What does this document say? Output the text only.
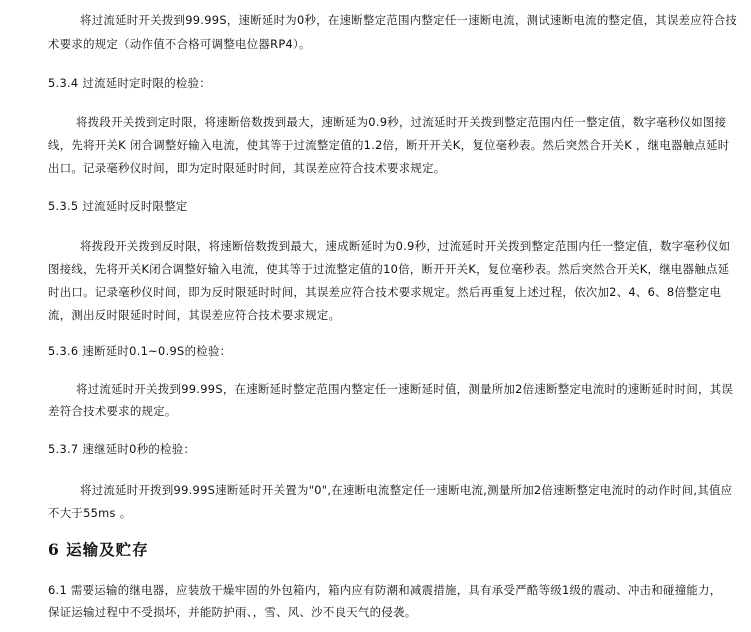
将过流延时开关拨到99.99S，速断延时为0秒，在速断整定范围内整定任一速断电流，测试速断电流的整定值，其误差应符合技
术要求的规定（动作值不合格可调整电位器RP4）。
5.3.4 过流延时定时限的检验：
将拨段开关拨到定时限，将速断倍数拨到最大，速断延为0.9秒，过流延时开关拨到整定范围内任一整定值，数字毫秒仪如图接
线，先将开关K 闭合调整好输入电流，使其等于过流整定值的1.2倍，断开开关K，复位毫秒表。然后突然合开关K ，继电器触点延时
出口。记录毫秒仪时间，即为定时限延时时间，其误差应符合技术要求规定。
5.3.5 过流延时反时限整定
将拨段开关拨到反时限，将速断倍数拨到最大，速成断延时为0.9秒，过流延时开关拨到整定范围内任一整定值，数字毫秒仪如
图接线，先将开关K闭合调整好输入电流，使其等于过流整定值的10倍，断开开关K，复位毫秒表。然后突然合开关K，继电器触点延
时出口。记录毫秒仪时间，即为反时限延时时间，其误差应符合技术要求规定。然后再重复上述过程，依次加2、4、6、8倍整定电
流，测出反时限延时时间，其误差应符合技术要求规定。
5.3.6 速断延时0.1~0.9S的检验：
将过流延时开关拨到99.99S，在速断延时整定范围内整定任一速断延时值，测量所加2倍速断整定电流时的速断延时时间，其误
差符合技术要求的规定。
5.3.7 速继延时0秒的检验：
将过流延时开拨到99.99S速断延时开关置为"0",在速断电流整定任一速断电流,测量所加2倍速断整定电流时的动作时间,其值应
不大于55ms 。
6 运输及贮存
6.1 需要运输的继电器，应装放干燥牢固的外包箱内，箱内应有防潮和减震措施，具有承受严酷等级1级的震动、冲击和碰撞能力，
保证运输过程中不受损坏，并能防护雨、，雪、风、沙不良天气的侵袭。
